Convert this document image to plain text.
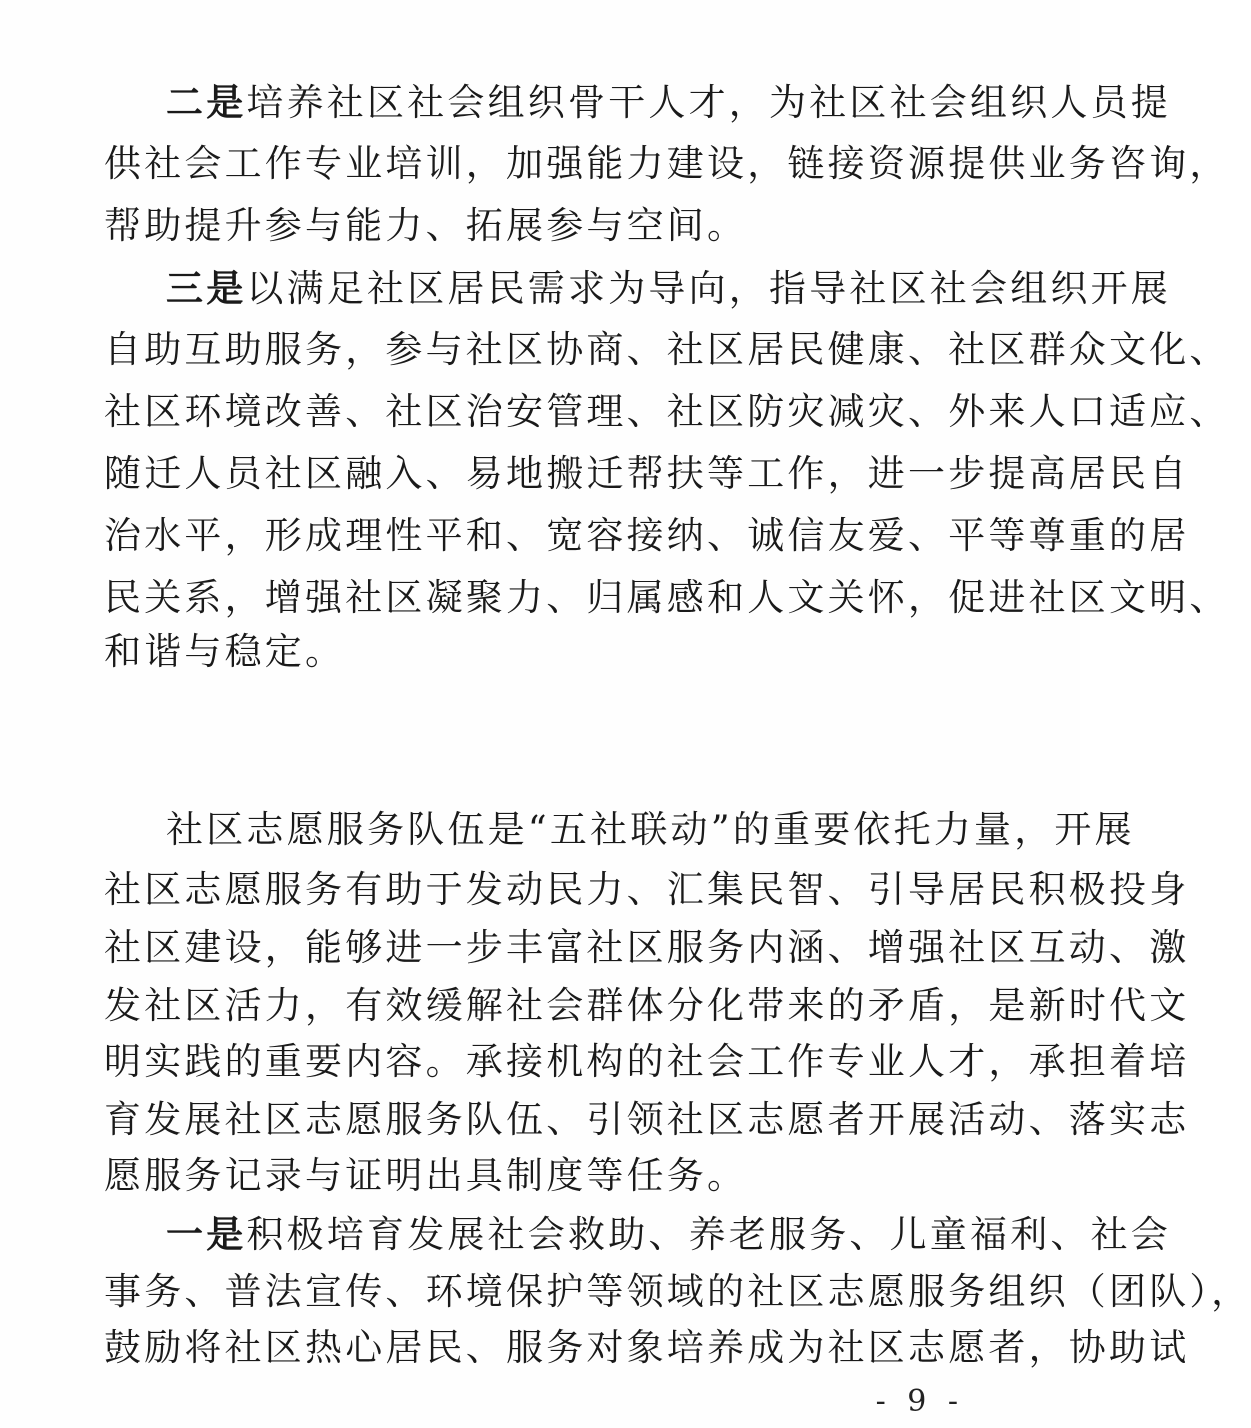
二是培养社区社会组织骨干人才，为社区社会组织人员提
供社会工作专业培训，加强能力建设，链接资源提供业务咨询，
帮助提升参与能力、拓展参与空间。
三是以满足社区居民需求为导向，指导社区社会组织开展
自助互助服务，参与社区协商、社区居民健康、社区群众文化、
社区环境改善、社区治安管理、社区防灾减灾、外来人口适应、
随迁人员社区融入、易地搬迁帮扶等工作，进一步提高居民自
治水平，形成理性平和、宽容接纳、诚信友爱、平等尊重的居
民关系，增强社区凝聚力、归属感和人文关怀，促进社区文明、
和谐与稳定。
社区志愿服务队伍是“五社联动”的重要依托力量，开展
社区志愿服务有助于发动民力、汇集民智、引导居民积极投身
社区建设，能够进一步丰富社区服务内涵、增强社区互动、激
发社区活力，有效缓解社会群体分化带来的矛盾，是新时代文
明实践的重要内容。承接机构的社会工作专业人才，承担着培
育发展社区志愿服务队伍、引领社区志愿者开展活动、落实志
愿服务记录与证明出具制度等任务。
一是积极培育发展社会救助、养老服务、儿童福利、社会
事务、普法宣传、环境保护等领域的社区志愿服务组织（团队），
鼓励将社区热心居民、服务对象培养成为社区志愿者，协助试
- 9 -
